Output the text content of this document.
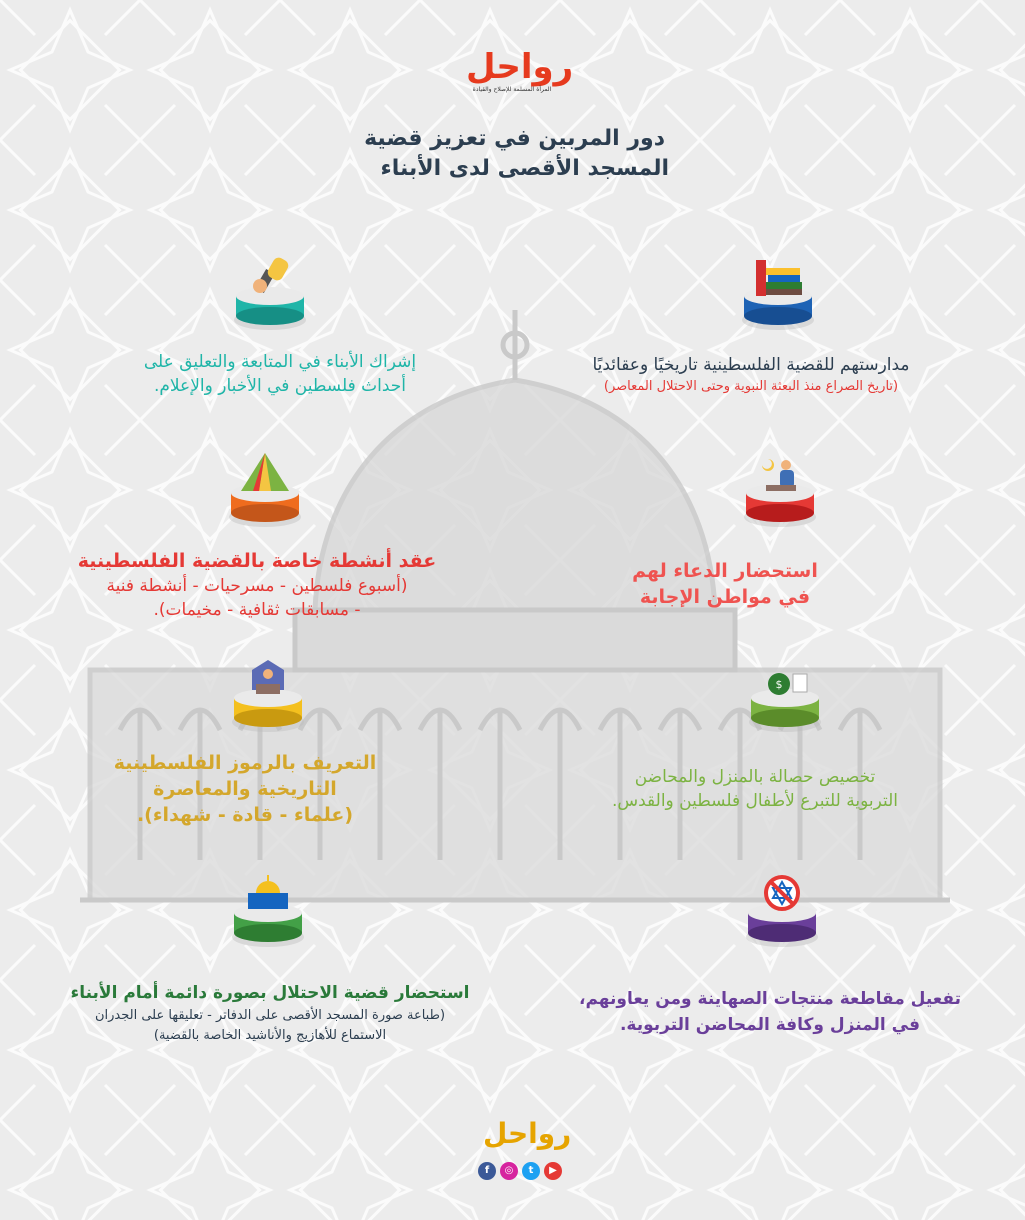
رواحل
المرأة المسلمة للإصلاح والقيادة
دور المربين في تعزيز قضية
المسجد الأقصى لدى الأبناء
مدارستهم للقضية الفلسطينية تاريخيًا وعقائديًا
(تاريخ الصراع منذ البعثة النبوية وحتى الاحتلال المعاصر)
إشراك الأبناء في المتابعة والتعليق على
أحداث فلسطين في الأخبار والإعلام.
استحضار الدعاء لهم
في مواطن الإجابة
عقد أنشطة خاصة بالقضية الفلسطينية
(أسبوع فلسطين - مسرحيات - أنشطة فنية
- مسابقات ثقافية - مخيمات).
$
تخصيص حصالة بالمنزل والمحاضن
التربوية للتبرع لأطفال فلسطين والقدس.
التعريف بالرموز الفلسطينية
التاريخية والمعاصرة
(علماء - قادة - شهداء).
تفعيل مقاطعة منتجات الصهاينة ومن يعاونهم،
في المنزل وكافة المحاضن التربوية.
استحضار قضية الاحتلال بصورة دائمة أمام الأبناء
(طباعة صورة المسجد الأقصى على الدفاتر - تعليقها على الجدران
الاستماع للأهازيج والأناشيد الخاصة بالقضية)
رواحل
f	◎	t	▶
